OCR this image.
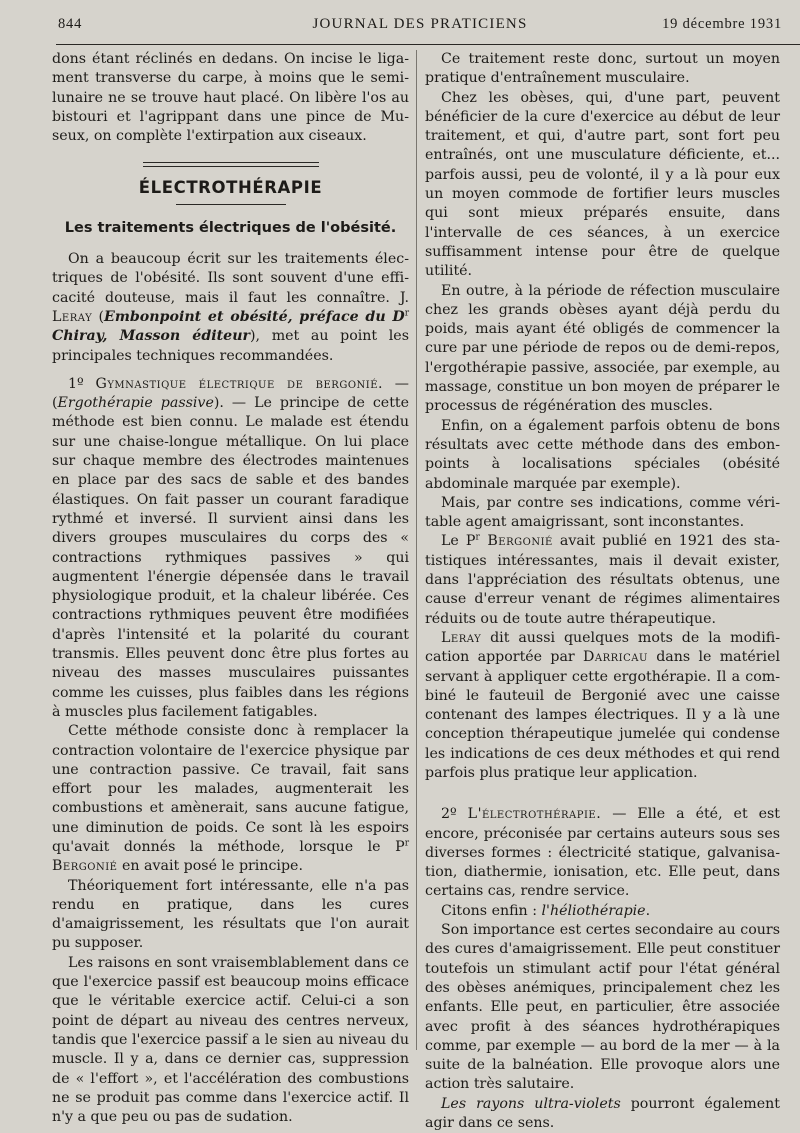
844	JOURNAL DES PRATICIENS	19 décembre 1931

dons étant réclinés en dedans. On incise le ligament transverse du carpe, à moins que le semilunaire ne se trouve haut placé. On libère l'os au bistouri et l'agrippant dans une pince de Museux, on complète l'extirpation aux ciseaux.

ÉLECTROTHÉRAPIE
Les traitements électriques de l'obésité.

On a beaucoup écrit sur les traitements électriques de l'obésité. Ils sont souvent d'une efficacité douteuse, mais il faut les connaître. J. Leray (Embonpoint et obésité, préface du $D^r$ Chiray, Masson éditeur), met au point les principales techniques recommandées.

1º Gymnastique électrique de bergonié. — (Ergothérapie passive). — Le principe de cette méthode est bien connu. Le malade est étendu sur une chaise-longue métallique. On lui place sur chaque membre des électrodes maintenues en place par des sacs de sable et des bandes élastiques. On fait passer un courant faradique rythmé et inversé. Il survient ainsi dans les divers groupes musculaires du corps des « contractions rythmiques passives » qui augmentent l'énergie dépensée dans le travail physiologique produit, et la chaleur libérée. Ces contractions rythmiques peuvent être modifiées d'après l'intensité et la polarité du courant transmis. Elles peuvent donc être plus fortes au niveau des masses musculaires puissantes comme les cuisses, plus faibles dans les régions à muscles plus facilement fatigables.

Cette méthode consiste donc à remplacer la contraction volontaire de l'exercice physique par une contraction passive. Ce travail, fait sans effort pour les malades, augmenterait les combustions et amènerait, sans aucune fatigue, une diminution de poids. Ce sont là les espoirs qu'avait donnés la méthode, lorsque le $P^r$ Bergonié en avait posé le principe.

Théoriquement fort intéressante, elle n'a pas rendu en pratique, dans les cures d'amaigrissement, les résultats que l'on aurait pu supposer.

Les raisons en sont vraisemblablement dans ce que l'exercice passif est beaucoup moins efficace que le véritable exercice actif. Celui-ci a son point de départ au niveau des centres nerveux, tandis que l'exercice passif a le sien au niveau du muscle. Il y a, dans ce dernier cas, suppression de « l'effort », et l'accélération des combustions ne se produit pas comme dans l'exercice actif. Il n'y a que peu ou pas de sudation.

Ce traitement reste donc, surtout un moyen pratique d'entraînement musculaire.

Chez les obèses, qui, d'une part, peuvent bénéficier de la cure d'exercice au début de leur traitement, et qui, d'autre part, sont fort peu entraînés, ont une musculature déficiente, et... parfois aussi, peu de volonté, il y a là pour eux un moyen commode de fortifier leurs muscles qui sont mieux préparés ensuite, dans l'intervalle de ces séances, à un exercice suffisamment intense pour être de quelque utilité.

En outre, à la période de réfection musculaire chez les grands obèses ayant déjà perdu du poids, mais ayant été obligés de commencer la cure par une période de repos ou de demi-repos, l'ergothérapie passive, associée, par exemple, au massage, constitue un bon moyen de préparer le processus de régénération des muscles.

Enfin, on a également parfois obtenu de bons résultats avec cette méthode dans des embonpoints à localisations spéciales (obésité abdominale marquée par exemple).

Mais, par contre ses indications, comme véritable agent amaigrissant, sont inconstantes.

Le $P^r$ Bergonié avait publié en 1921 des statistiques intéressantes, mais il devait exister, dans l'appréciation des résultats obtenus, une cause d'erreur venant de régimes alimentaires réduits ou de toute autre thérapeutique.

Leray dit aussi quelques mots de la modification apportée par Darricau dans le matériel servant à appliquer cette ergothérapie. Il a combiné le fauteuil de Bergonié avec une caisse contenant des lampes électriques. Il y a là une conception thérapeutique jumelée qui condense les indications de ces deux méthodes et qui rend parfois plus pratique leur application.

2º L'électrothérapie. — Elle a été, et est encore, préconisée par certains auteurs sous ses diverses formes : électricité statique, galvanisation, diathermie, ionisation, etc. Elle peut, dans certains cas, rendre service.

Citons enfin : l'héliothérapie.

Son importance est certes secondaire au cours des cures d'amaigrissement. Elle peut constituer toutefois un stimulant actif pour l'état général des obèses anémiques, principalement chez les enfants. Elle peut, en particulier, être associée avec profit à des séances hydrothérapiques comme, par exemple — au bord de la mer — à la suite de la balnéation. Elle provoque alors une action très salutaire.

Les rayons ultra-violets pourront également agir dans ce sens.
